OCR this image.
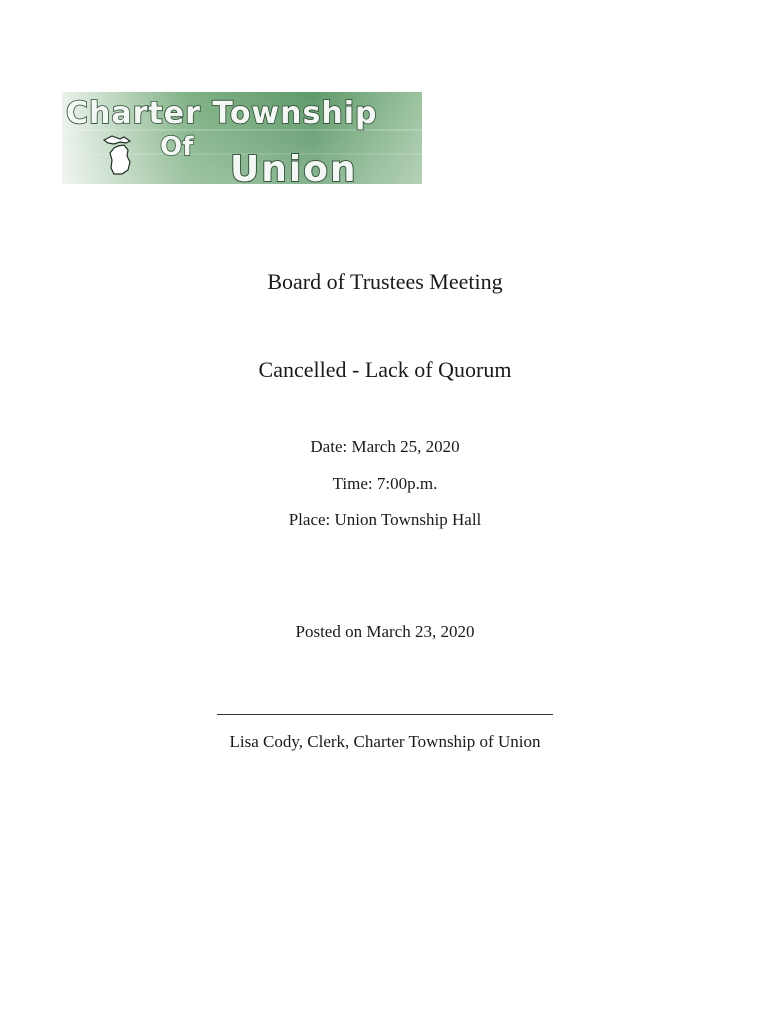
Charter Township
Of
Union
Board of Trustees Meeting
Cancelled - Lack of Quorum
Date: March 25, 2020
Time: 7:00p.m.
Place: Union Township Hall
Posted on March 23, 2020
Lisa Cody, Clerk, Charter Township of Union
